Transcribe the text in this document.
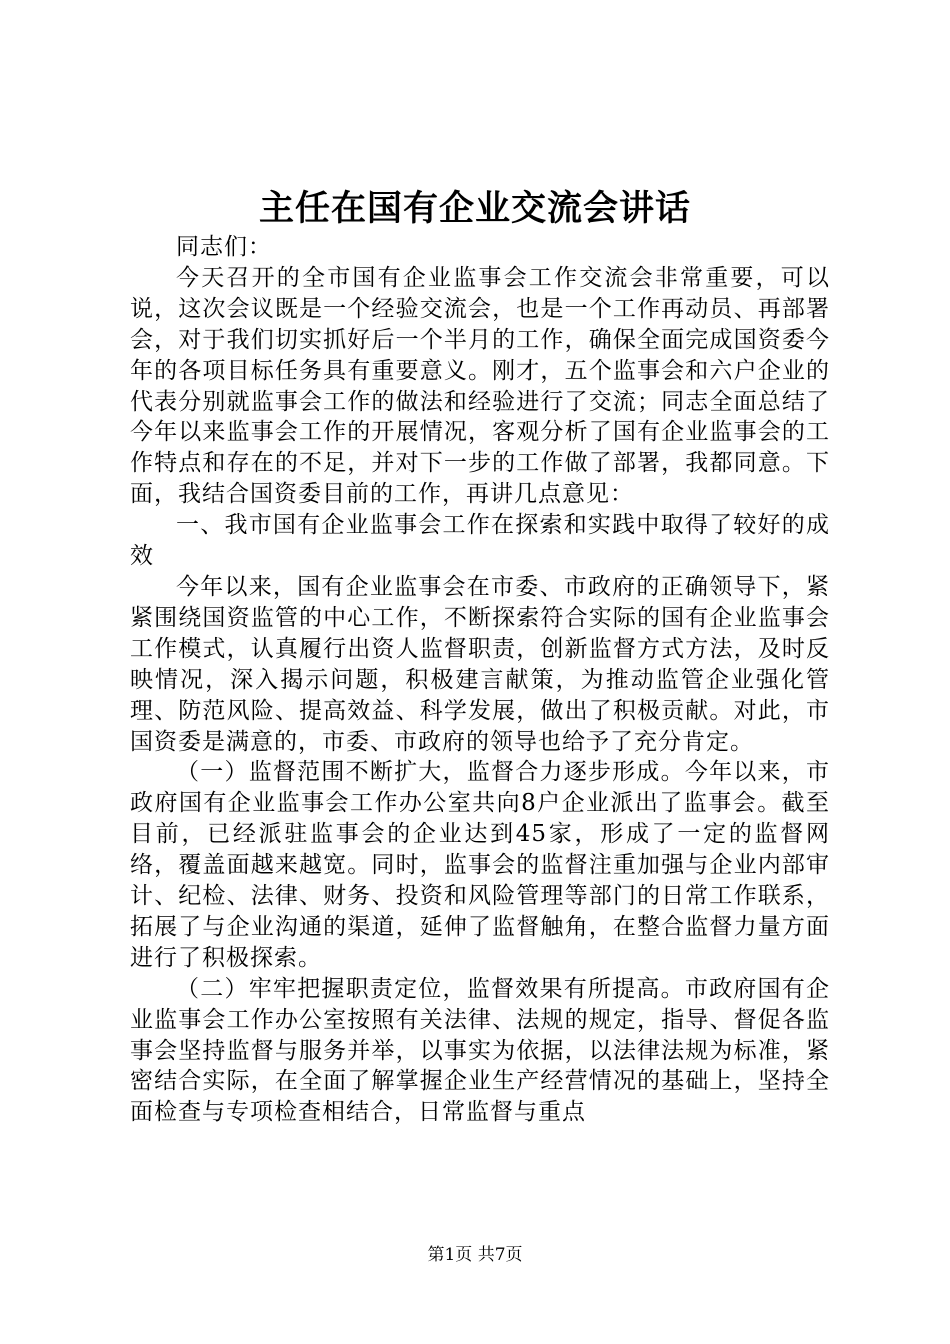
主任在国有企业交流会讲话

同志们：

今天召开的全市国有企业监事会工作交流会非常重要，可以说，这次会议既是一个经验交流会，也是一个工作再动员、再部署会，对于我们切实抓好后一个半月的工作，确保全面完成国资委今年的各项目标任务具有重要意义。刚才，五个监事会和六户企业的代表分别就监事会工作的做法和经验进行了交流；同志全面总结了今年以来监事会工作的开展情况，客观分析了国有企业监事会的工作特点和存在的不足，并对下一步的工作做了部署，我都同意。下面，我结合国资委目前的工作，再讲几点意见：

一、我市国有企业监事会工作在探索和实践中取得了较好的成效

今年以来，国有企业监事会在市委、市政府的正确领导下，紧紧围绕国资监管的中心工作，不断探索符合实际的国有企业监事会工作模式，认真履行出资人监督职责，创新监督方式方法，及时反映情况，深入揭示问题，积极建言献策，为推动监管企业强化管理、防范风险、提高效益、科学发展，做出了积极贡献。对此，市国资委是满意的，市委、市政府的领导也给予了充分肯定。

（一）监督范围不断扩大，监督合力逐步形成。今年以来，市政府国有企业监事会工作办公室共向8户企业派出了监事会。截至目前，已经派驻监事会的企业达到45家，形成了一定的监督网络，覆盖面越来越宽。同时，监事会的监督注重加强与企业内部审计、纪检、法律、财务、投资和风险管理等部门的日常工作联系，拓展了与企业沟通的渠道，延伸了监督触角，在整合监督力量方面进行了积极探索。

（二）牢牢把握职责定位，监督效果有所提高。市政府国有企业监事会工作办公室按照有关法律、法规的规定，指导、督促各监事会坚持监督与服务并举，以事实为依据，以法律法规为标准，紧密结合实际，在全面了解掌握企业生产经营情况的基础上，坚持全面检查与专项检查相结合，日常监督与重点

第1页 共7页
